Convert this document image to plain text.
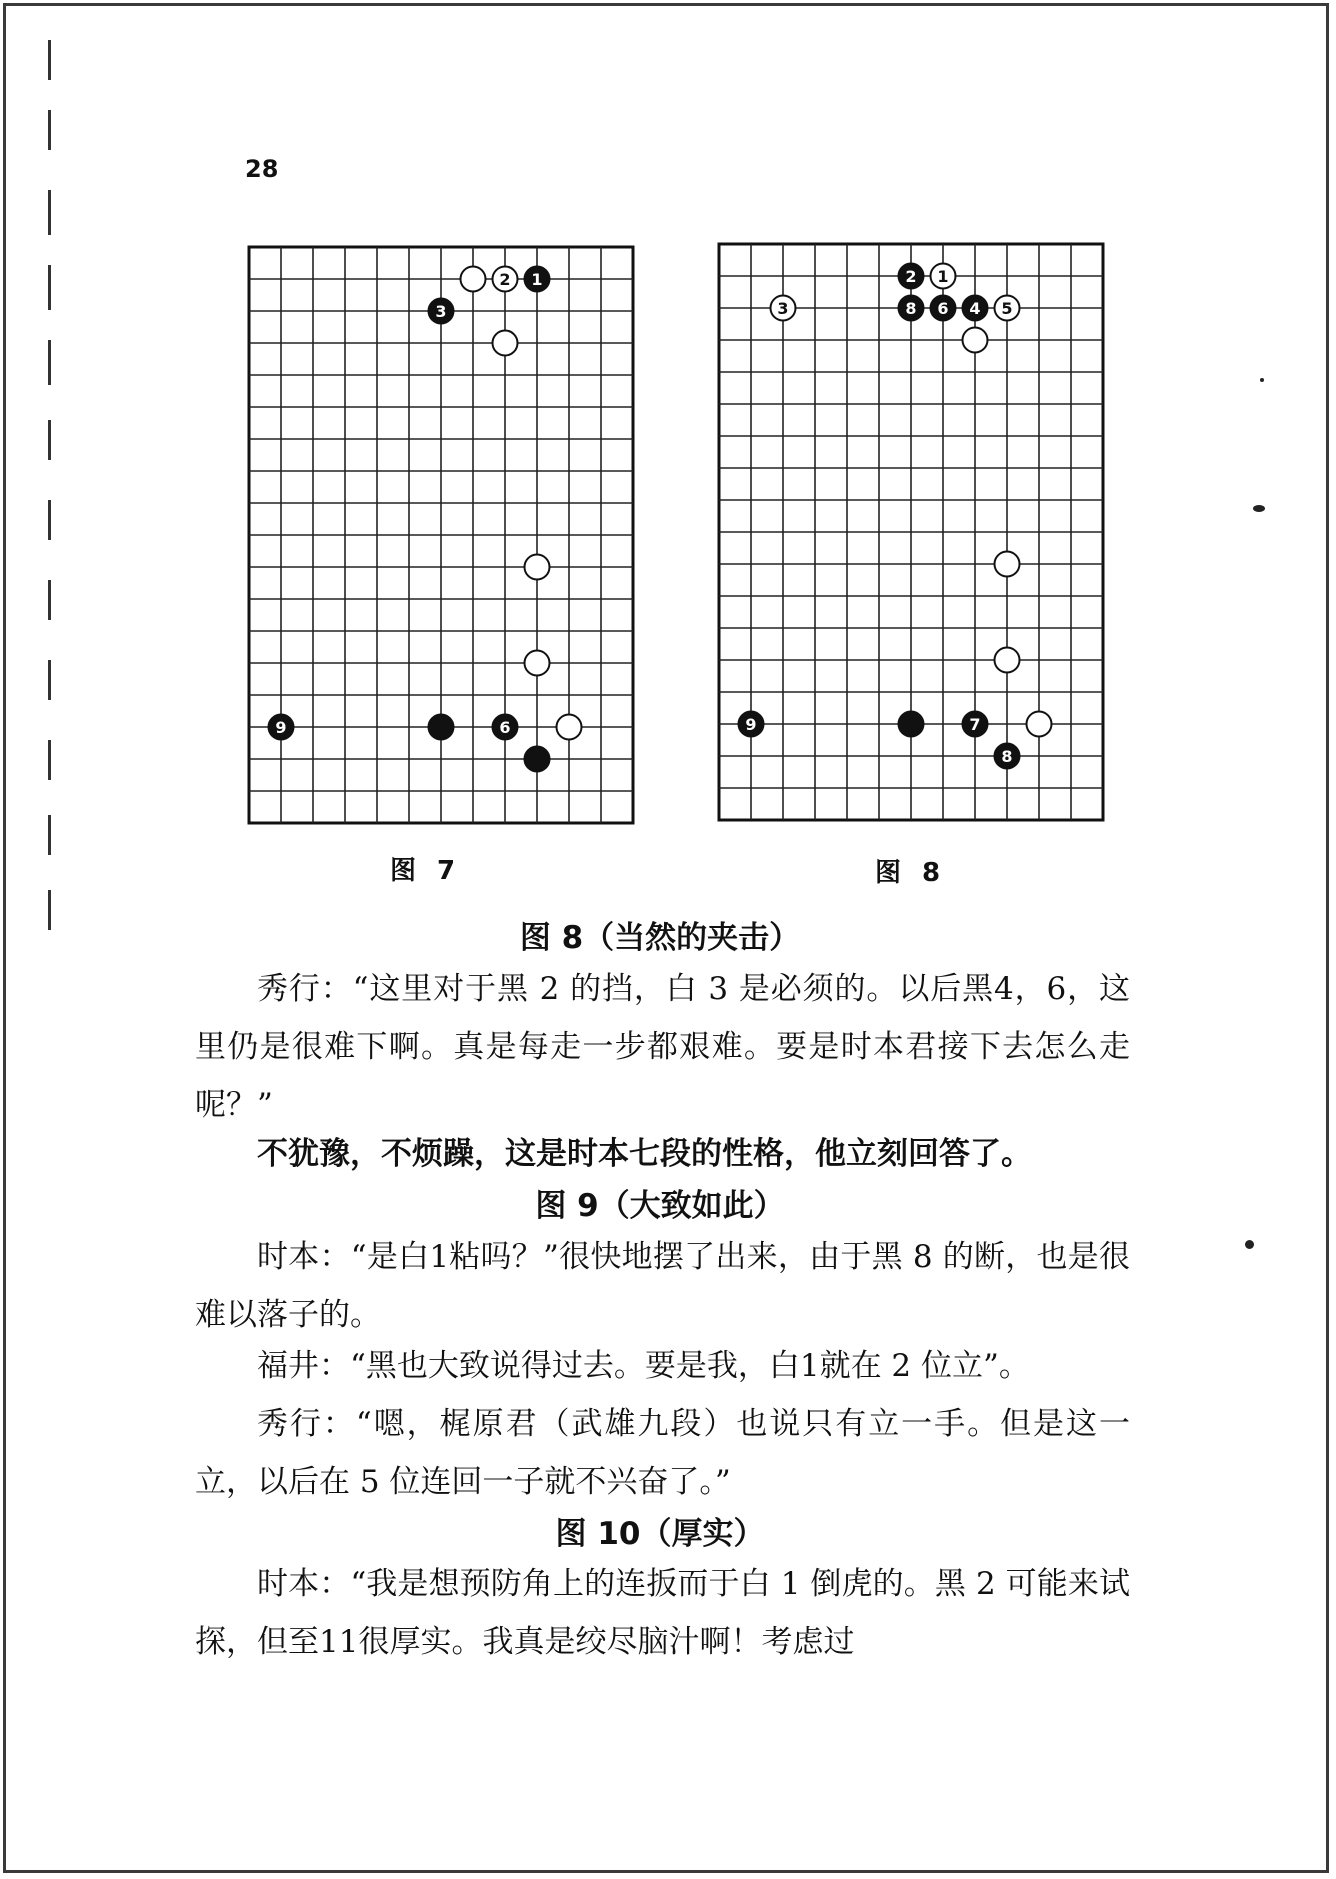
28
2 1
3
9	6
2 1
3	8 6 4 5
9	7
8
图 7	图 8
图 8（当然的夹击）
秀行：“这里对于黑 2 的挡，白 3 是必须的。以后黑4，6，这里仍是很难下啊。真是每走一步都艰难。要是时本君接下去怎么走呢？”
不犹豫，不烦躁，这是时本七段的性格，他立刻回答了。
图 9（大致如此）
时本：“是白1粘吗？”很快地摆了出来，由于黑 8 的断，也是很难以落子的。
福井：“黑也大致说得过去。要是我，白1就在 2 位立”。
秀行：“嗯，梶原君（武雄九段）也说只有立一手。但是这一立，以后在 5 位连回一子就不兴奋了。”
图 10（厚实）
时本：“我是想预防角上的连扳而于白 1 倒虎的。黑 2 可能来试探，但至11很厚实。我真是绞尽脑汁啊！考虑过
